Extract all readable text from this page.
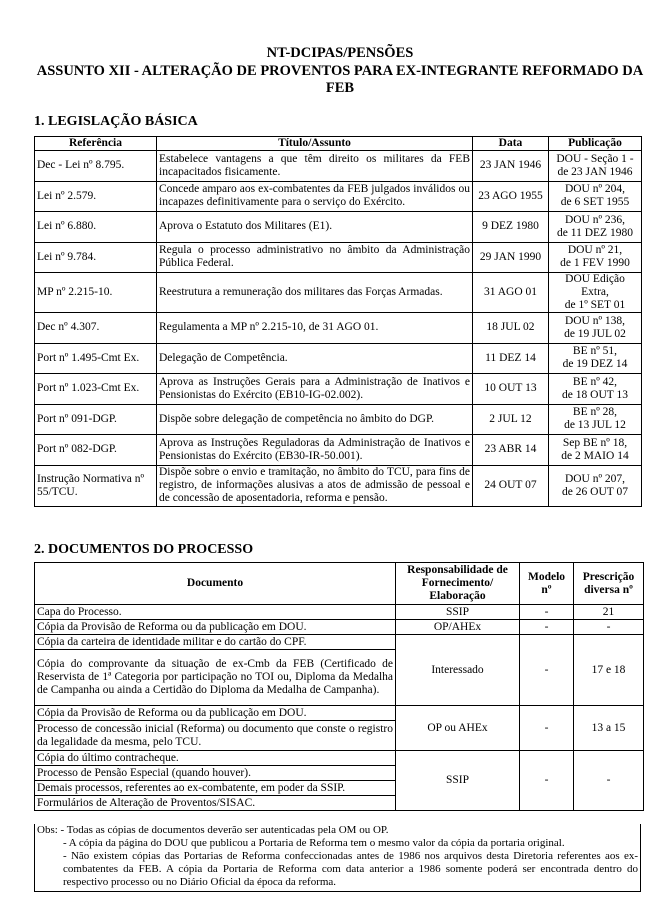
NT-DCIPAS/PENSÕES
ASSUNTO XII - ALTERAÇÃO DE PROVENTOS PARA EX-INTEGRANTE REFORMADO DA
FEB
1. LEGISLAÇÃO BÁSICA
Referência	Título/Assunto	Data	Publicação
Dec - Lei nº 8.795.	Estabelece vantagens a que têm direito os militares da FEB incapacitados fisicamente.	23 JAN 1946	DOU - Seção 1 -
de 23 JAN 1946

Lei nº 2.579.	Concede amparo aos ex-combatentes da FEB julgados inválidos ou incapazes definitivamente para o serviço do Exército.	23 AGO 1955	DOU nº 204,
de 6 SET 1955

Lei nº 6.880.	Aprova o Estatuto dos Militares (E1).	9 DEZ 1980	DOU nº 236,
de 11 DEZ 1980

Lei nº 9.784.	Regula o processo administrativo no âmbito da Administração Pública Federal.	29 JAN 1990	DOU nº 21,
de 1 FEV 1990

MP nº 2.215-10.	Reestrutura a remuneração dos militares das Forças Armadas.	31 AGO 01	DOU Edição Extra,
de 1º SET 01

Dec nº 4.307.	Regulamenta a MP nº 2.215-10, de 31 AGO 01.	18 JUL 02	DOU nº 138,
de 19 JUL 02

Port nº 1.495-Cmt Ex.	Delegação de Competência.	11 DEZ 14	BE nº 51,
de 19 DEZ 14

Port nº 1.023-Cmt Ex.	Aprova as Instruções Gerais para a Administração de Inativos e Pensionistas do Exército (EB10-IG-02.002).	10 OUT 13	BE nº 42,
de 18 OUT 13

Port nº 091-DGP.	Dispõe sobre delegação de competência no âmbito do DGP.	2 JUL 12	BE nº 28,
de 13 JUL 12

Port nº 082-DGP.	Aprova as Instruções Reguladoras da Administração de Inativos e Pensionistas do Exército (EB30-IR-50.001).	23 ABR 14	Sep BE nº 18,
de 2 MAIO 14

Instrução Normativa nº 55/TCU.	Dispõe sobre o envio e tramitação, no âmbito do TCU, para fins de registro, de informações alusivas a atos de admissão de pessoal e de concessão de aposentadoria, reforma e pensão.	24 OUT 07	DOU nº 207,
de 26 OUT 07
2. DOCUMENTOS DO PROCESSO
Documento	Responsabilidade de Fornecimento/ Elaboração	Modelo nº	Prescrição diversa nº
Capa do Processo.	SSIP	-	21
Cópia da Provisão de Reforma ou da publicação em DOU.	OP/AHEx	-	-
Cópia da carteira de identidade militar e do cartão do CPF.	Interessado	-	17 e 18
Cópia do comprovante da situação de ex-Cmb da FEB (Certificado de Reservista de 1ª Categoria por participação no TOI ou, Diploma da Medalha de Campanha ou ainda a Certidão do Diploma da Medalha de Campanha).			
Cópia da Provisão de Reforma ou da publicação em DOU.	OP ou AHEx	-	13 a 15
Processo de concessão inicial (Reforma) ou documento que conste o registro da legalidade da mesma, pelo TCU.			
Cópia do último contracheque.	SSIP	-	-
Processo de Pensão Especial (quando houver).			
Demais processos, referentes ao ex-combatente, em poder da SSIP.			
Formulários de Alteração de Proventos/SISAC.			
Obs: - Todas as cópias de documentos deverão ser autenticadas pela OM ou OP.
- A cópia da página do DOU que publicou a Portaria de Reforma tem o mesmo valor da cópia da portaria original.
- Não existem cópias das Portarias de Reforma confeccionadas antes de 1986 nos arquivos desta Diretoria referentes aos ex-combatentes da FEB. A cópia da Portaria de Reforma com data anterior a 1986 somente poderá ser encontrada dentro do respectivo processo ou no Diário Oficial da época da reforma.
